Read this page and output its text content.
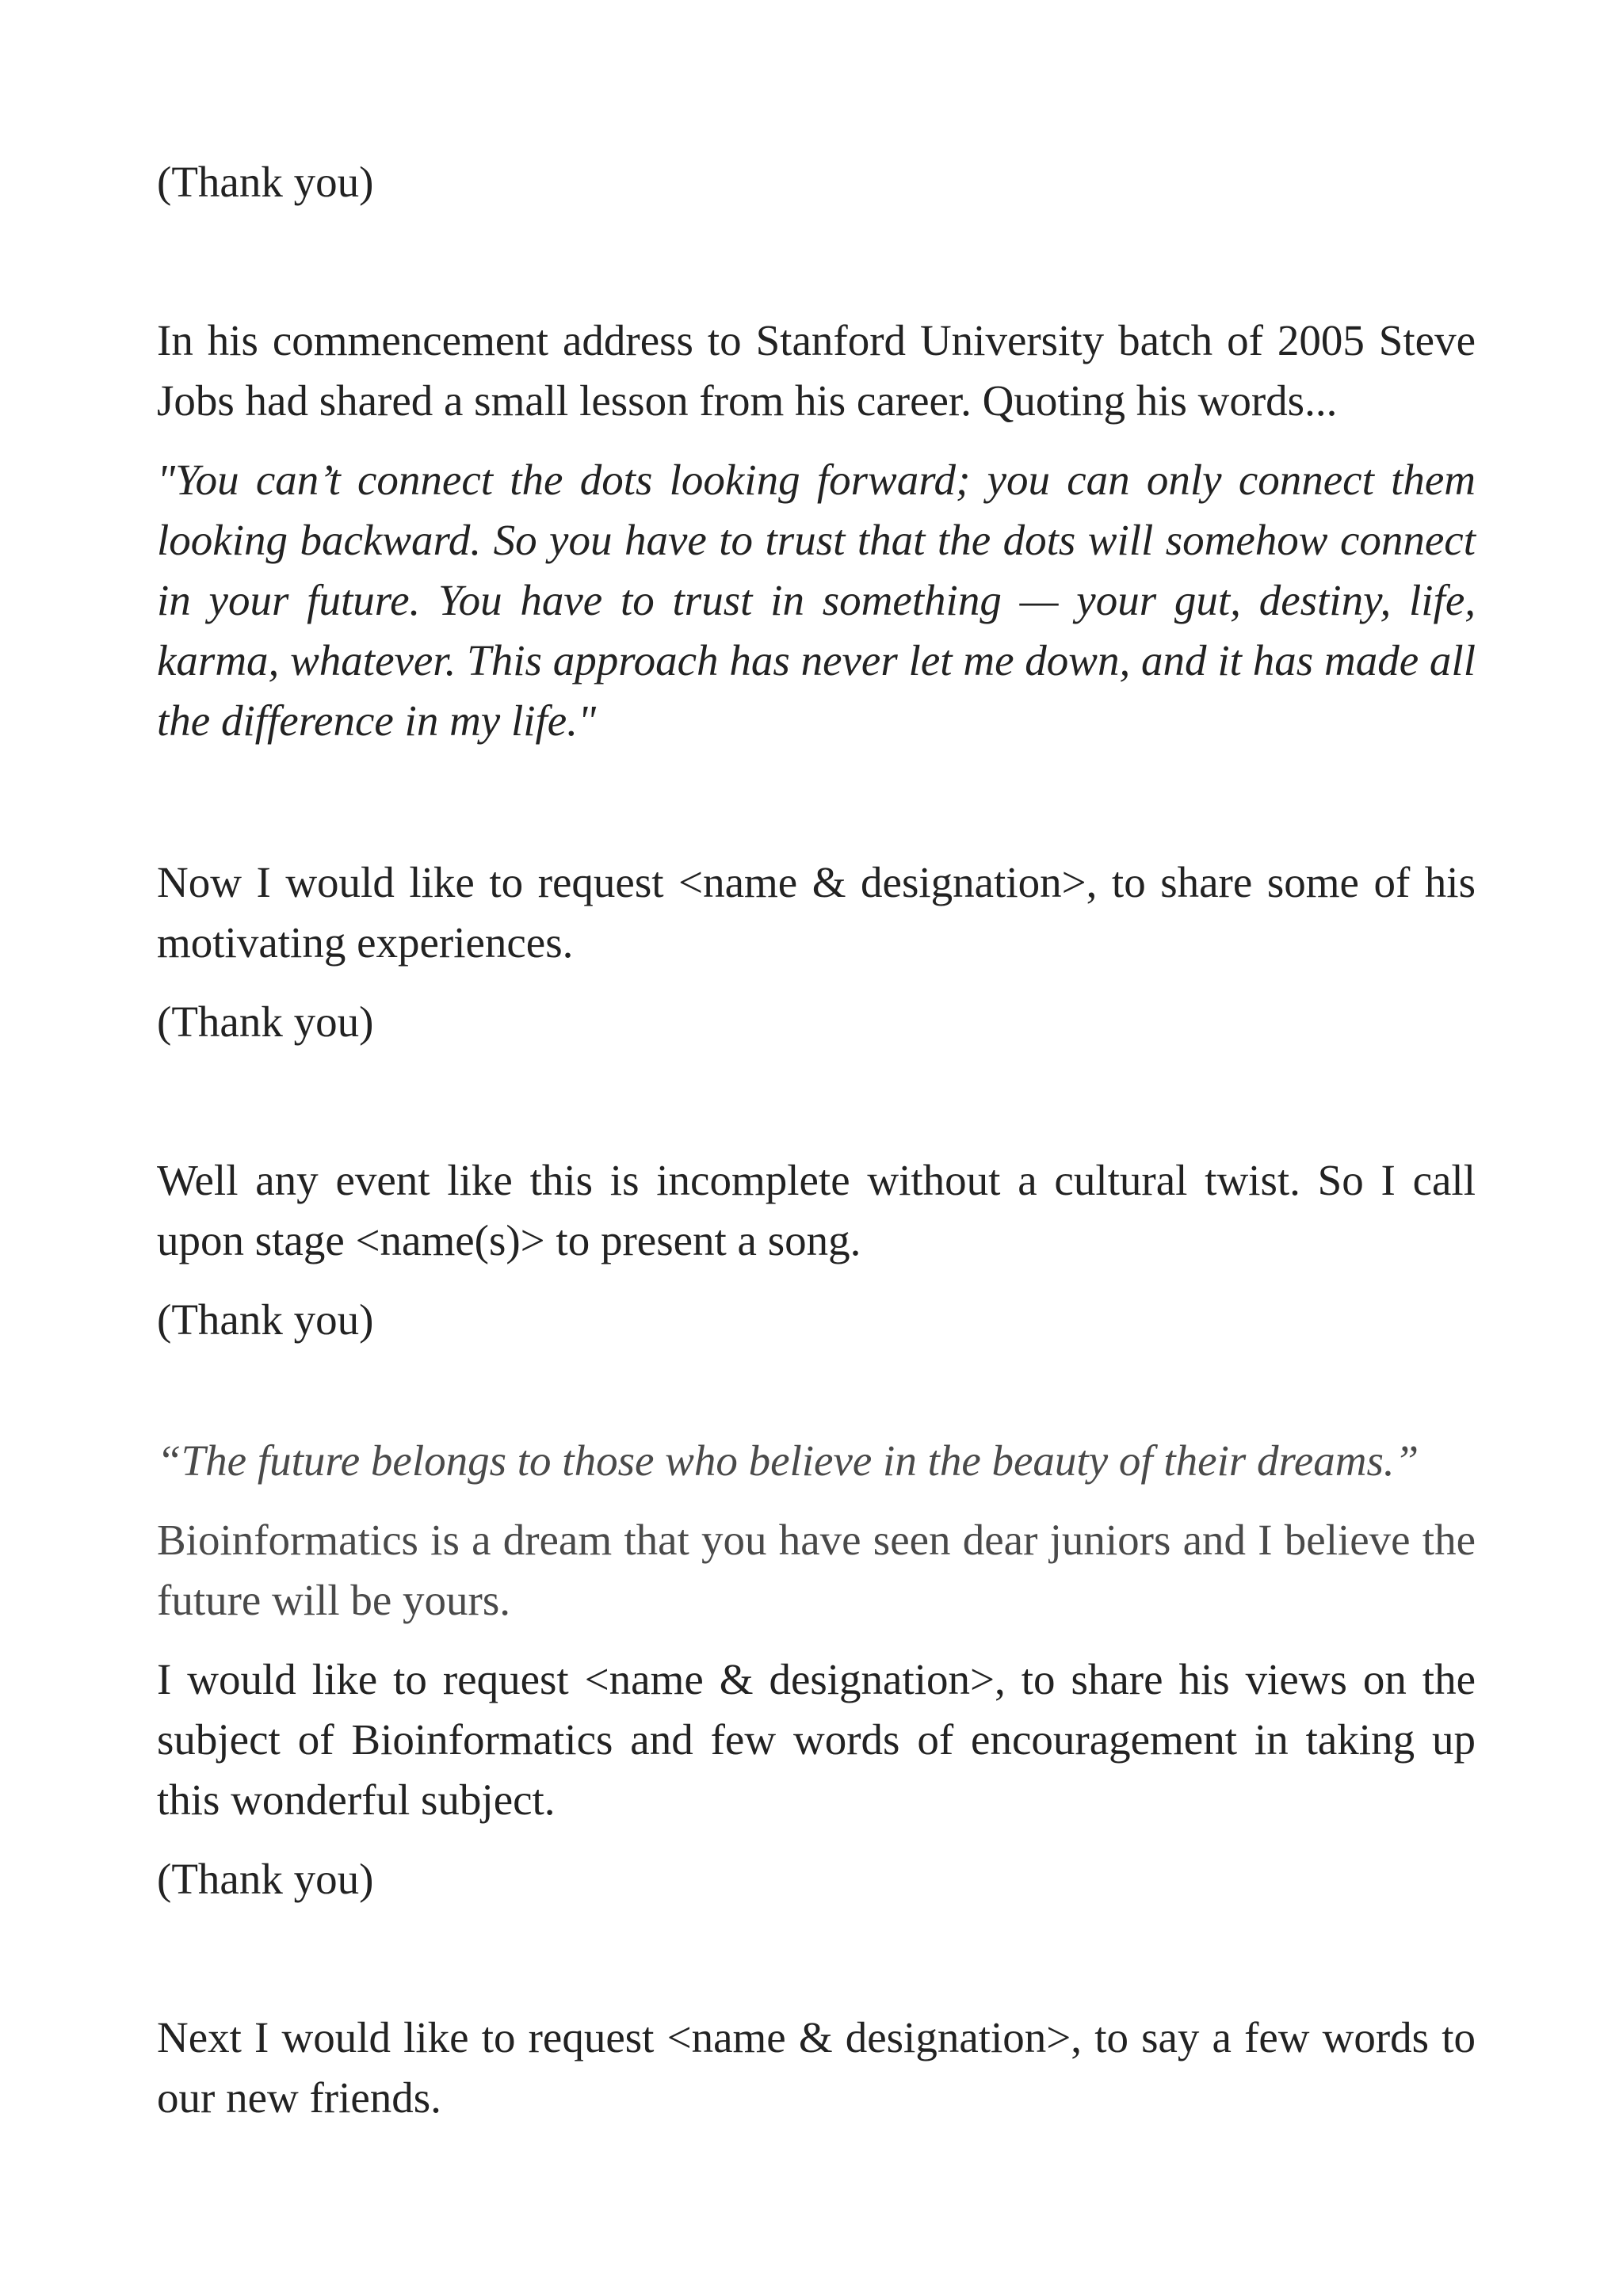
(Thank you)

In his commencement address to Stanford University batch of 2005 Steve Jobs had shared a small lesson from his career. Quoting his words...

"You can’t connect the dots looking forward; you can only connect them looking backward. So you have to trust that the dots will somehow connect in your future. You have to trust in something — your gut, destiny, life, karma, whatever. This approach has never let me down, and it has made all the difference in my life."

Now I would like to request <name & designation>, to share some of his motivating experiences.

(Thank you)

Well any event like this is incomplete without a cultural twist. So I call upon stage <name(s)> to present a song.

(Thank you)

“The future belongs to those who believe in the beauty of their dreams.”

Bioinformatics is a dream that you have seen dear juniors and I believe the future will be yours.

I would like to request <name & designation>, to share his views on the subject of Bioinformatics and few words of encouragement in taking up this wonderful subject.

(Thank you)

Next I would like to request <name & designation>, to say a few words to our new friends.
